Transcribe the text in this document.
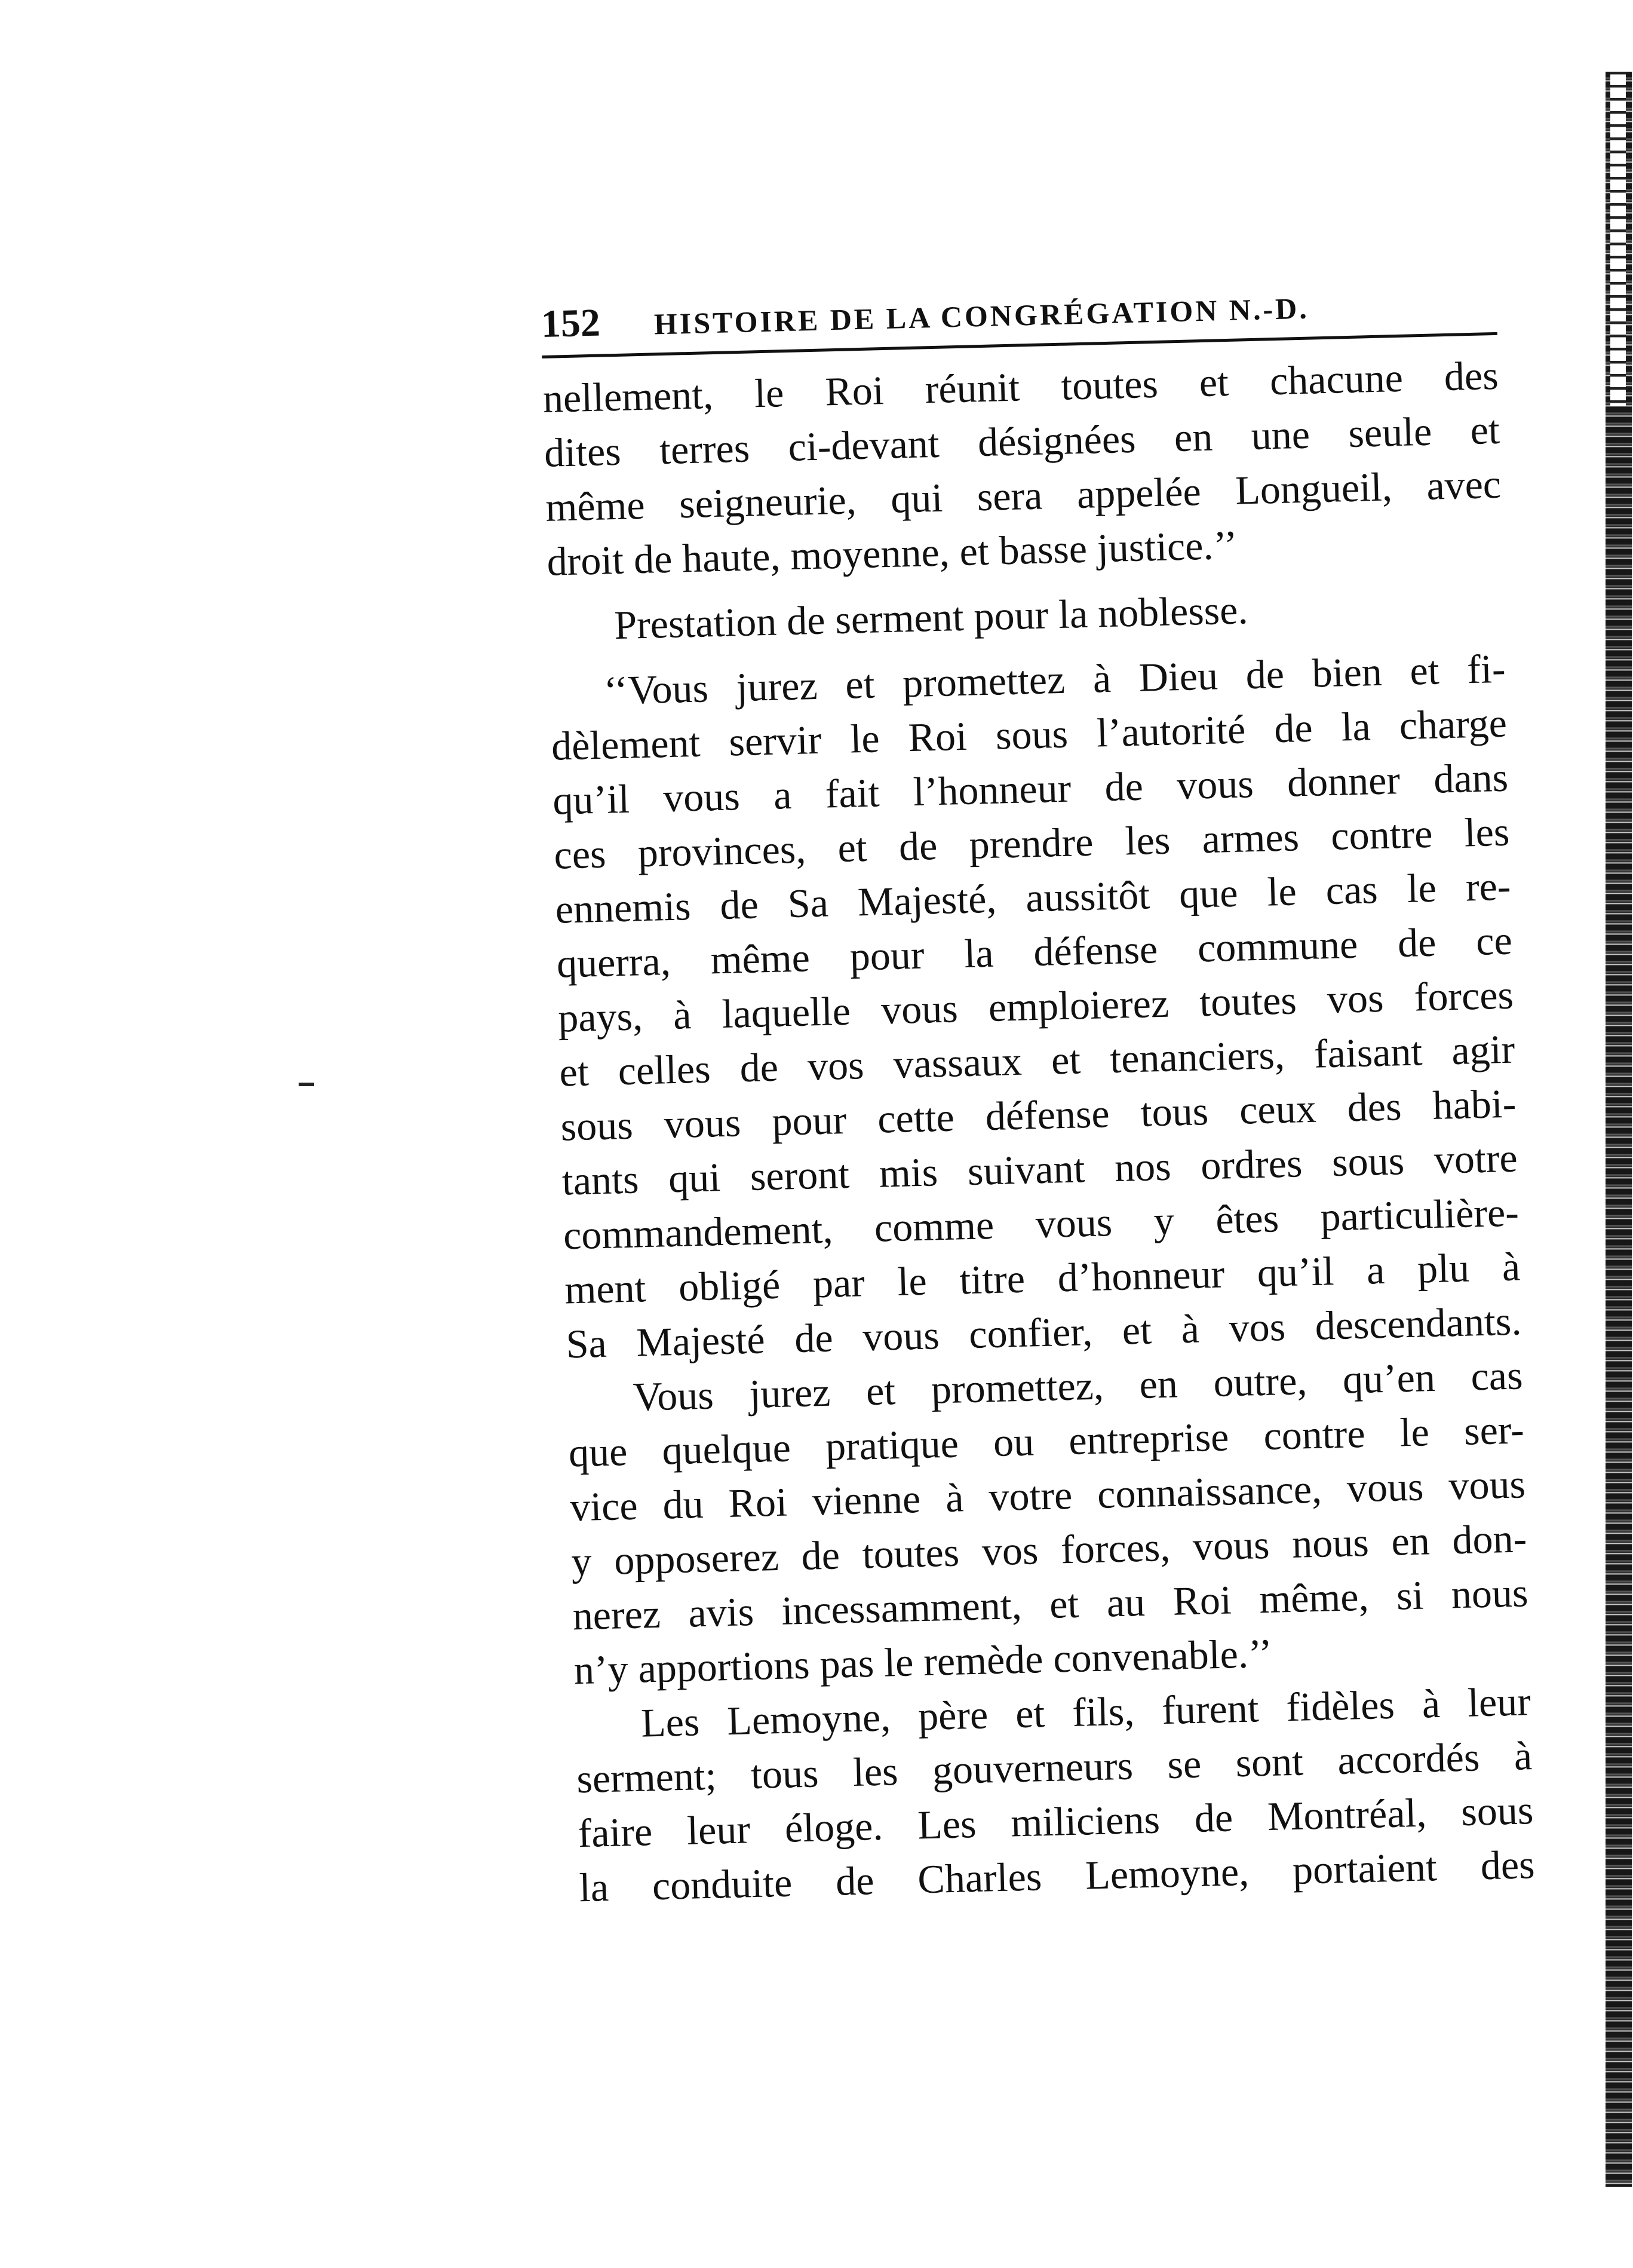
152 HISTOIRE DE LA CONGRÉGATION N.-D.
nellement, le Roi réunit toutes et chacune des
dites terres ci-devant désignées en une seule et
même seigneurie, qui sera appelée Longueil, avec
droit de haute, moyenne, et basse justice.’’
Prestation de serment pour la noblesse.
‘‘Vous jurez et promettez à Dieu de bien et fi-
dèlement servir le Roi sous l’autorité de la charge
qu’il vous a fait l’honneur de vous donner dans
ces provinces, et de prendre les armes contre les
ennemis de Sa Majesté, aussitôt que le cas le re-
querra, même pour la défense commune de ce
pays, à laquelle vous emploierez toutes vos forces
et celles de vos vassaux et tenanciers, faisant agir
sous vous pour cette défense tous ceux des habi-
tants qui seront mis suivant nos ordres sous votre
commandement, comme vous y êtes particulière-
ment obligé par le titre d’honneur qu’il a plu à
Sa Majesté de vous confier, et à vos descendants.
Vous jurez et promettez, en outre, qu’en cas
que quelque pratique ou entreprise contre le ser-
vice du Roi vienne à votre connaissance, vous vous
y opposerez de toutes vos forces, vous nous en don-
nerez avis incessamment, et au Roi même, si nous
n’y apportions pas le remède convenable.’’
Les Lemoyne, père et fils, furent fidèles à leur
serment; tous les gouverneurs se sont accordés à
faire leur éloge. Les miliciens de Montréal, sous
la conduite de Charles Lemoyne, portaient des
